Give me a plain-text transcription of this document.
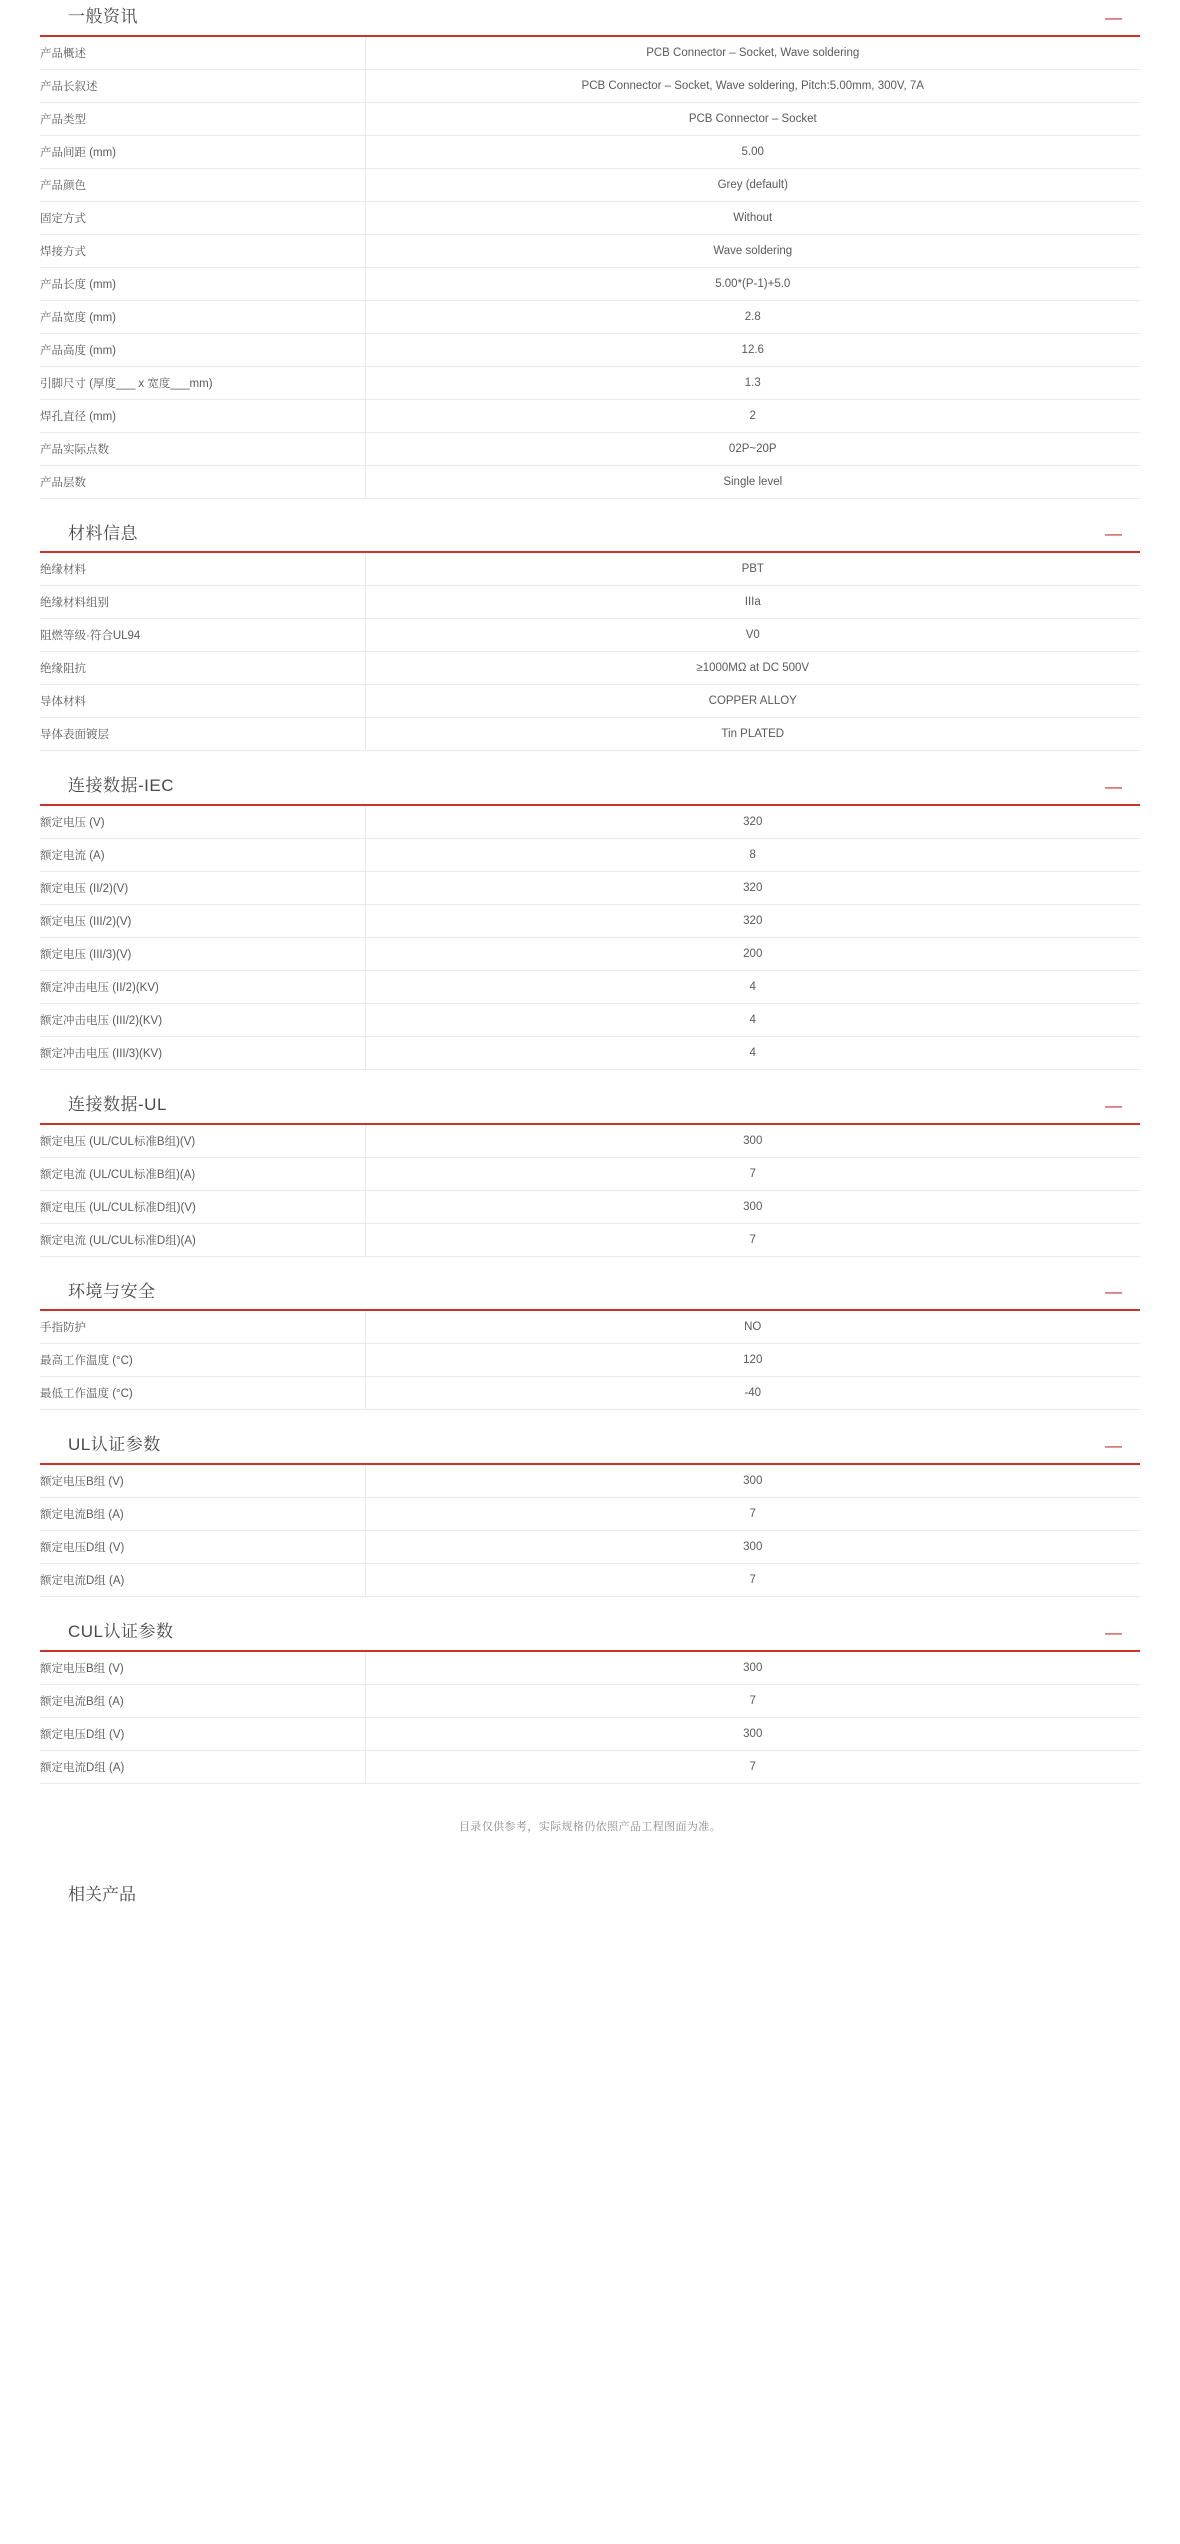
一般资讯	—
产品概述	PCB Connector – Socket, Wave soldering
产品长叙述	PCB Connector – Socket, Wave soldering, Pitch:5.00mm, 300V, 7A
产品类型	PCB Connector – Socket
产品间距 (mm)	5.00
产品颜色	Grey (default)
固定方式	Without
焊接方式	Wave soldering
产品长度 (mm)	5.00*(P-1)+5.0
产品宽度 (mm)	2.8
产品高度 (mm)	12.6
引脚尺寸 (厚度___ x 宽度___mm)	1.3
焊孔直径 (mm)	2
产品实际点数	02P~20P
产品层数	Single level
材料信息	—
绝缘材料	PBT
绝缘材料组别	IIIa
阻燃等级·符合UL94	V0
绝缘阻抗	≥1000MΩ at DC 500V
导体材料	COPPER ALLOY
导体表面镀层	Tin PLATED
连接数据-IEC	—
额定电压 (V)	320
额定电流 (A)	8
额定电压 (II/2)(V)	320
额定电压 (III/2)(V)	320
额定电压 (III/3)(V)	200
额定冲击电压 (II/2)(KV)	4
额定冲击电压 (III/2)(KV)	4
额定冲击电压 (III/3)(KV)	4
连接数据-UL	—
额定电压 (UL/CUL标准B组)(V)	300
额定电流 (UL/CUL标准B组)(A)	7
额定电压 (UL/CUL标准D组)(V)	300
额定电流 (UL/CUL标准D组)(A)	7
环境与安全	—
手指防护	NO
最高工作温度 (°C)	120
最低工作温度 (°C)	-40
UL认证参数	—
额定电压B组 (V)	300
额定电流B组 (A)	7
额定电压D组 (V)	300
额定电流D组 (A)	7
CUL认证参数	—
额定电压B组 (V)	300
额定电流B组 (A)	7
额定电压D组 (V)	300
额定电流D组 (A)	7
目录仅供参考，实际规格仍依照产品工程图面为准。
相关产品
